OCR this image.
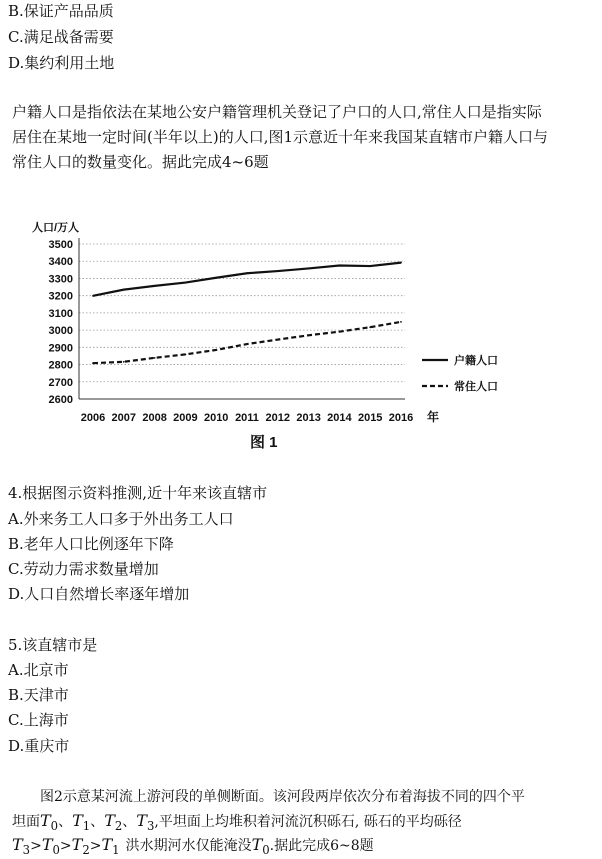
B.保证产品品质
C.满足战备需要
D.集约利用土地
户籍人口是指依法在某地公安户籍管理机关登记了户口的人口,常住人口是指实际
居住在某地一定时间(半年以上)的人口,图1示意近十年来我国某直辖市户籍人口与
常住人口的数量变化。据此完成4~6题
2600
2700
2800
2900
3000
3100
3200
3300
3400
3500
2006 2007 2008 2009 2010 2011 2012 2013 2014 2015 2016
人口/万人
年
图 1
户籍人口
常住人口
4.根据图示资料推测,近十年来该直辖市
A.外来务工人口多于外出务工人口
B.老年人口比例逐年下降
C.劳动力需求数量增加
D.人口自然增长率逐年增加
5.该直辖市是
A.北京市
B.天津市
C.上海市
D.重庆市
图2示意某河流上游河段的单侧断面。该河段两岸依次分布着海拔不同的四个平
坦面$T_0$、$T_1$、$T_2$、$T_3$,平坦面上均堆积着河流沉积砾石, 砾石的平均砾径
$T_3>T_0>T_2>T_1$ 洪水期河水仅能淹没$T_0$.据此完成6~8题
